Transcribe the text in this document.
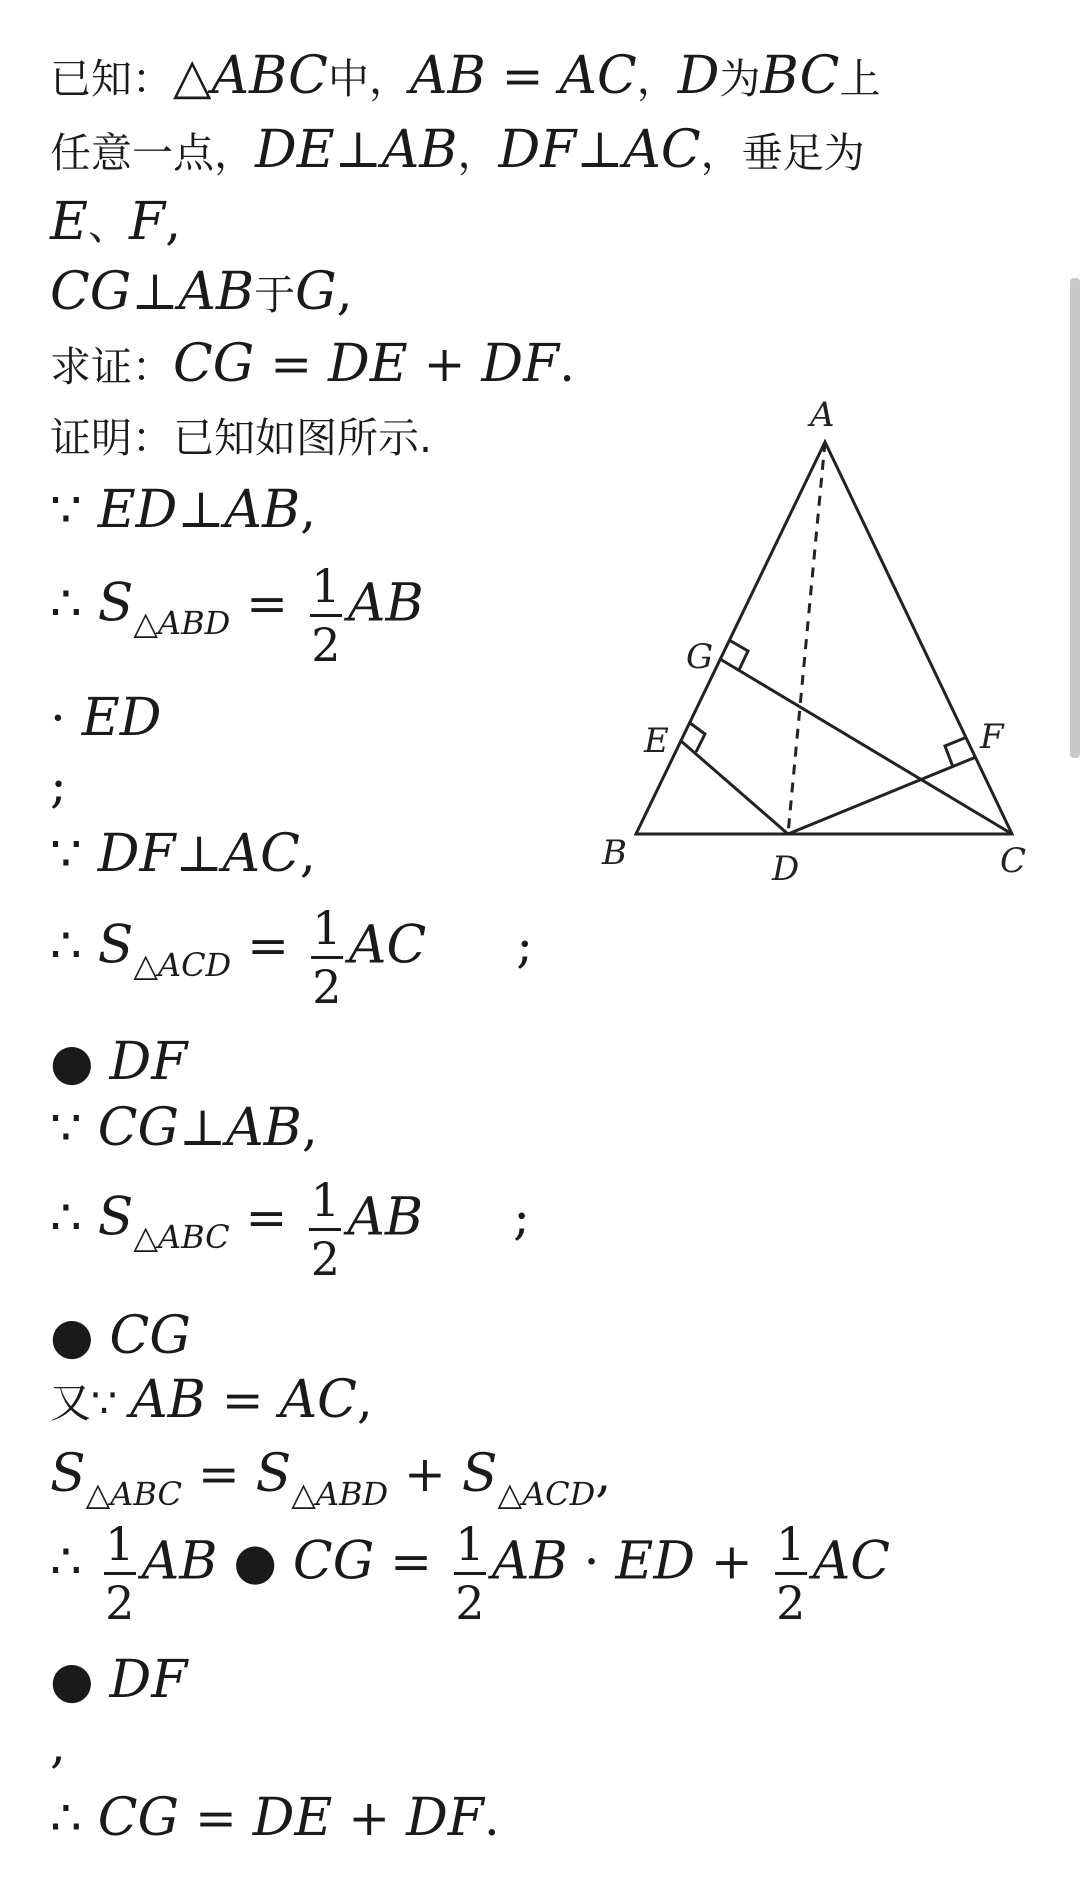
已知：△ABC中，AB = AC，D为BC上
任意一点，DE⊥AB，DF⊥AC，垂足为
E、F,
CG⊥AB于G,
求证：CG = DE + DF.
证明：已知如图所示.
∵ ED⊥AB,
∴ S△ABD = $\frac{1}{2}$ AB
· ED
;
∵ DF⊥AC,
∴ S△ACD = $\frac{1}{2}$ AC ;
● DF
∵ CG⊥AB,
∴ S△ABC = $\frac{1}{2}$ AB ;
● CG
又∵ AB = AC,
S△ABC = S△ABD + S△ACD,
∴ $\frac{1}{2}$ AB ● CG = $\frac{1}{2}$ AB · ED + $\frac{1}{2}$ AC
● DF
,
∴ CG = DE + DF.
A
B	C
D
E	F
G
